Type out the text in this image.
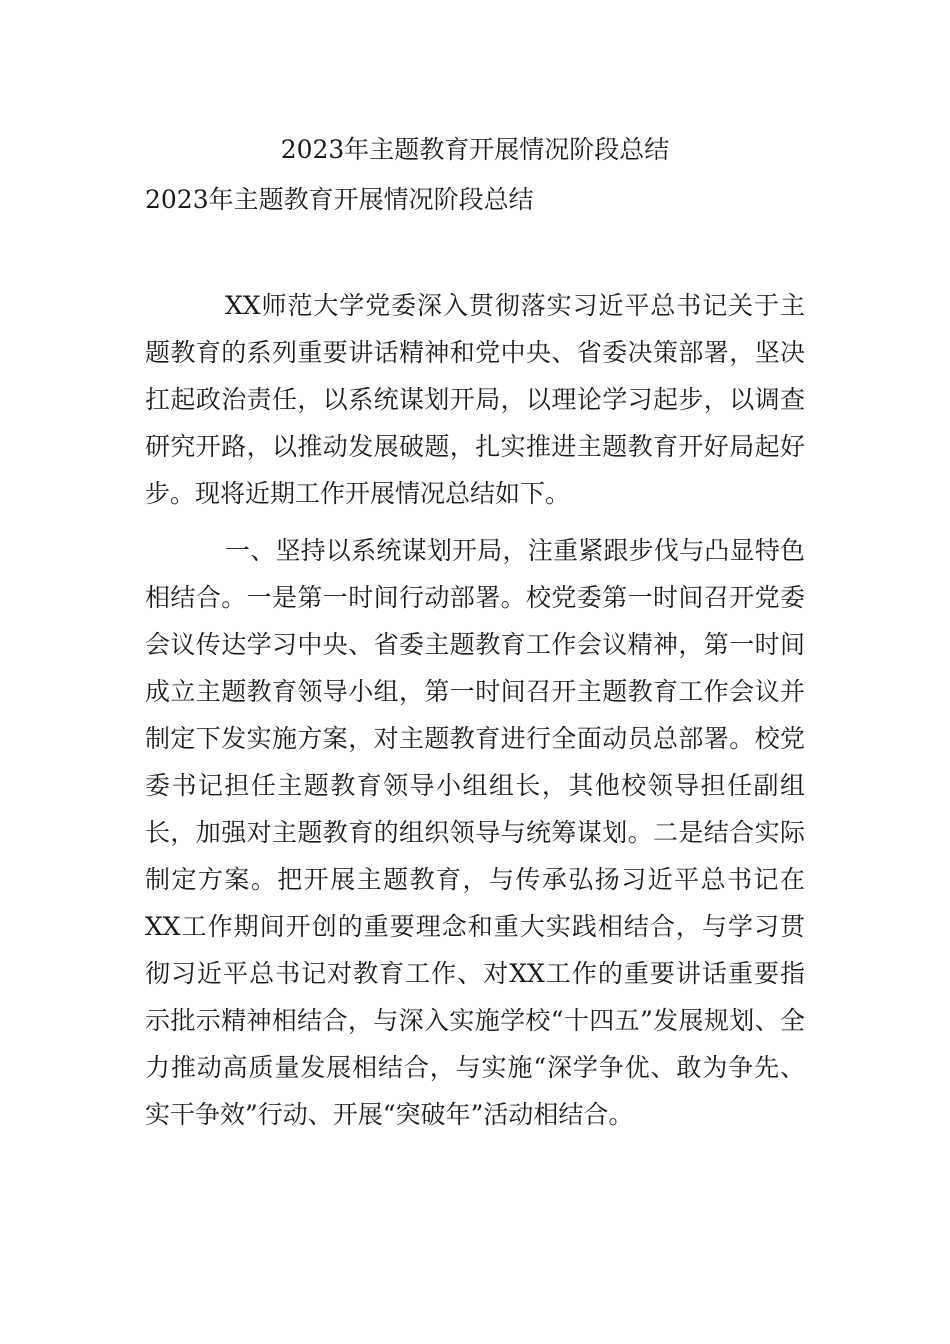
2023年主题教育开展情况阶段总结
2023年主题教育开展情况阶段总结

XX师范大学党委深入贯彻落实习近平总书记关于主题教育的系列重要讲话精神和党中央、省委决策部署，坚决扛起政治责任，以系统谋划开局，以理论学习起步，以调查研究开路，以推动发展破题，扎实推进主题教育开好局起好步。现将近期工作开展情况总结如下。

一、坚持以系统谋划开局，注重紧跟步伐与凸显特色相结合。一是第一时间行动部署。校党委第一时间召开党委会议传达学习中央、省委主题教育工作会议精神，第一时间成立主题教育领导小组，第一时间召开主题教育工作会议并制定下发实施方案，对主题教育进行全面动员总部署。校党委书记担任主题教育领导小组组长，其他校领导担任副组长，加强对主题教育的组织领导与统筹谋划。二是结合实际制定方案。把开展主题教育，与传承弘扬习近平总书记在XX工作期间开创的重要理念和重大实践相结合，与学习贯彻习近平总书记对教育工作、对XX工作的重要讲话重要指示批示精神相结合，与深入实施学校“十四五”发展规划、全力推动高质量发展相结合，与实施“深学争优、敢为争先、实干争效”行动、开展“突破年”活动相结合。
